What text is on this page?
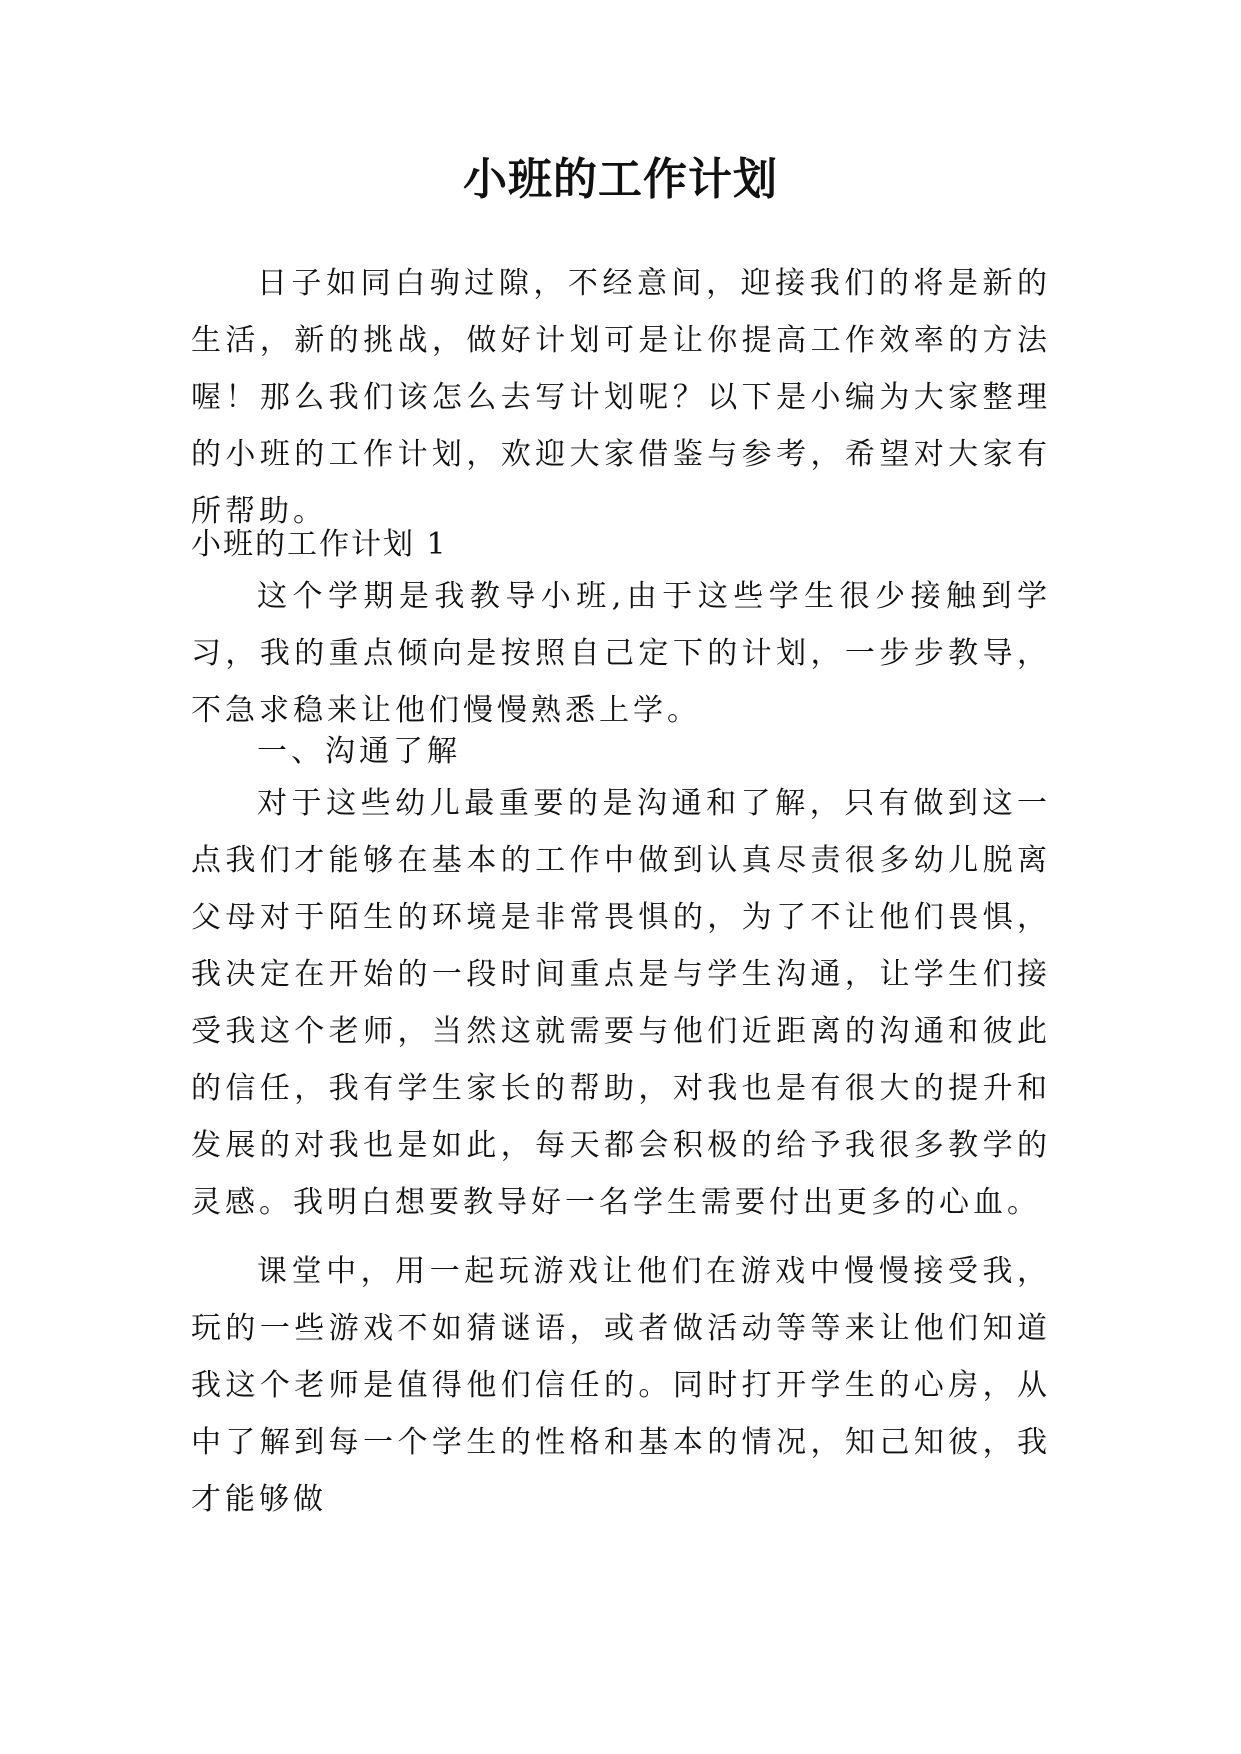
小班的工作计划

日子如同白驹过隙，不经意间，迎接我们的将是新的生活，新的挑战，做好计划可是让你提高工作效率的方法喔！那么我们该怎么去写计划呢？以下是小编为大家整理的小班的工作计划，欢迎大家借鉴与参考，希望对大家有所帮助。

小班的工作计划 1

这个学期是我教导小班,由于这些学生很少接触到学习，我的重点倾向是按照自己定下的计划，一步步教导，不急求稳来让他们慢慢熟悉上学。

一、沟通了解

对于这些幼儿最重要的是沟通和了解，只有做到这一点我们才能够在基本的工作中做到认真尽责很多幼儿脱离父母对于陌生的环境是非常畏惧的，为了不让他们畏惧，我决定在开始的一段时间重点是与学生沟通，让学生们接受我这个老师，当然这就需要与他们近距离的沟通和彼此的信任，我有学生家长的帮助，对我也是有很大的提升和发展的对我也是如此，每天都会积极的给予我很多教学的灵感。我明白想要教导好一名学生需要付出更多的心血。

课堂中，用一起玩游戏让他们在游戏中慢慢接受我，玩的一些游戏不如猜谜语，或者做活动等等来让他们知道我这个老师是值得他们信任的。同时打开学生的心房，从中了解到每一个学生的性格和基本的情况，知己知彼，我才能够做
